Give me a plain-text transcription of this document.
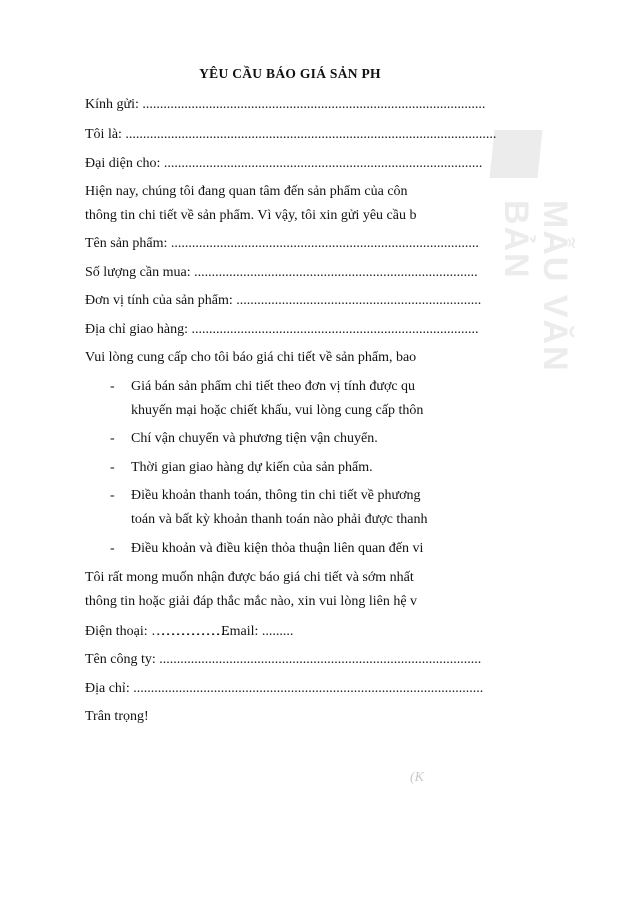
MẪU VĂN BẢN
YÊU CẦU BÁO GIÁ SẢN PH
Kính gửi: ..................................................................................................
Tôi là: ..........................................................................................................
Đại diện cho: ...........................................................................................
Hiện nay, chúng tôi đang quan tâm đến sản phẩm của côn
thông tin chi tiết về sản phẩm. Vì vậy, tôi xin gửi yêu cầu b
Tên sản phẩm: ........................................................................................
Số lượng cần mua: .................................................................................
Đơn vị tính của sản phẩm: ......................................................................
Địa chỉ giao hàng: ..................................................................................
Vui lòng cung cấp cho tôi báo giá chi tiết về sản phẩm, bao
- Giá bán sản phẩm chi tiết theo đơn vị tính được qu
khuyến mại hoặc chiết khấu, vui lòng cung cấp thôn
- Chí vận chuyển và phương tiện vận chuyển.
- Thời gian giao hàng dự kiến của sản phẩm.
- Điều khoản thanh toán, thông tin chi tiết về phương
toán và bất kỳ khoản thanh toán nào phải được thanh
- Điều khoản và điều kiện thỏa thuận liên quan đến vi
Tôi rất mong muốn nhận được báo giá chi tiết và sớm nhất
thông tin hoặc giải đáp thắc mắc nào, xin vui lòng liên hệ v
Điện thoại: ……………………………………Email: .........
Tên công ty: ............................................................................................
Địa chỉ: ....................................................................................................
Trân trọng!
(K
